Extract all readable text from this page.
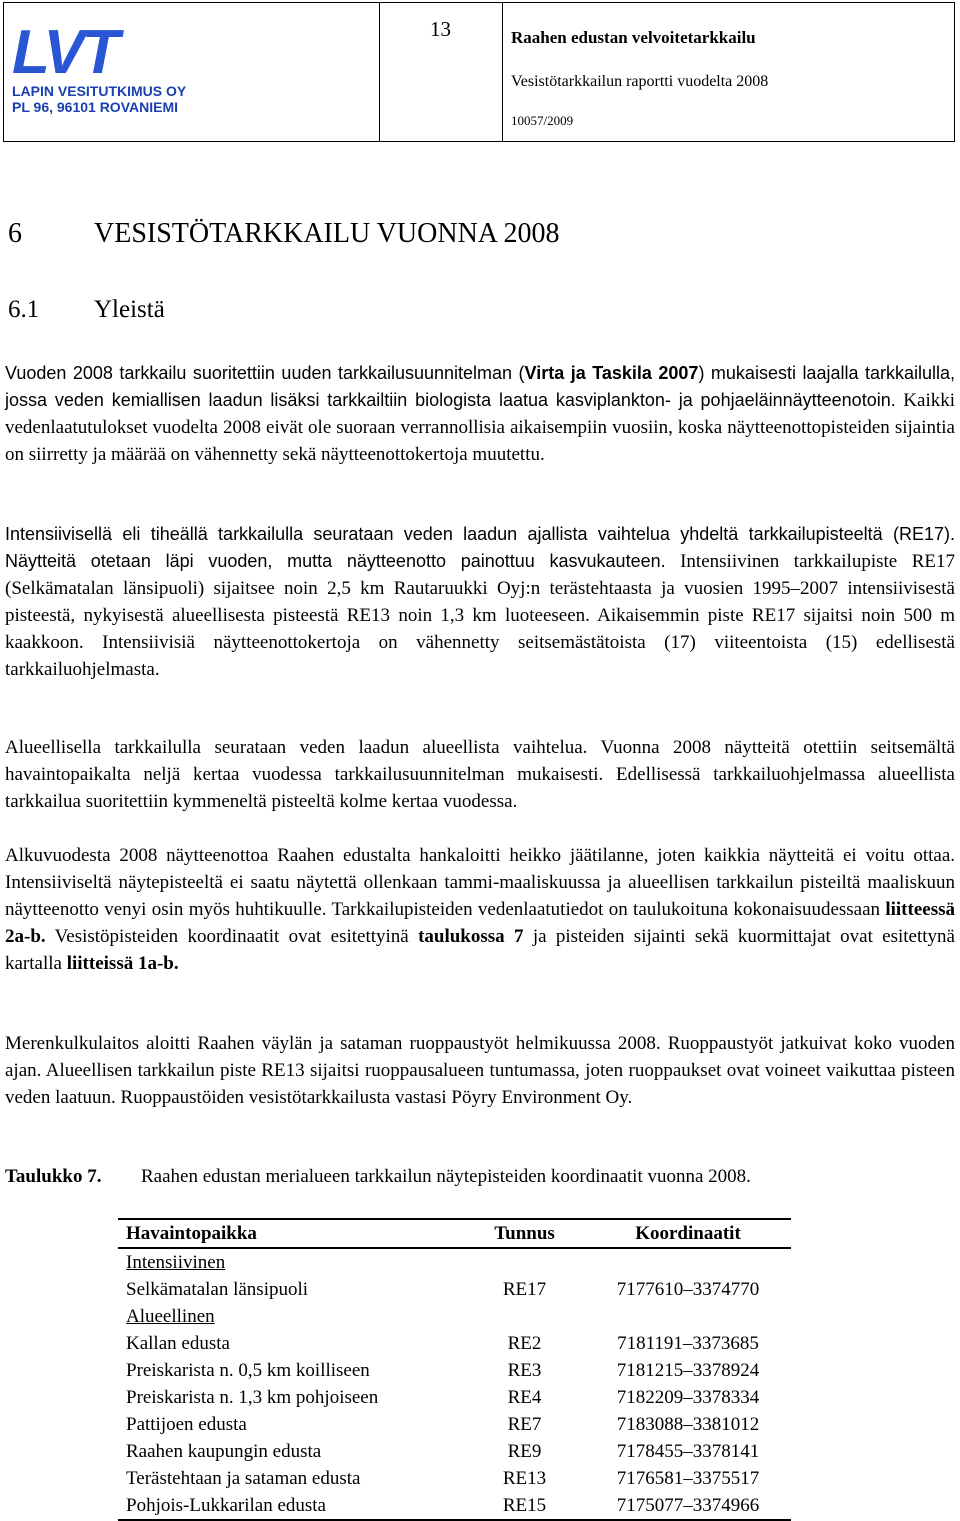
LVT
LAPIN VESITUTKIMUS OY
PL 96, 96101 ROVANIEMI
13	Raahen edustan velvoitetarkkailu
Vesistötarkkailun raportti vuodelta 2008
10057/2009
6	VESISTÖTARKKAILU VUONNA 2008
6.1 Yleistä

Vuoden 2008 tarkkailu suoritettiin uuden tarkkailusuunnitelman (Virta ja Taskila 2007) mukaisesti laajalla tarkkailulla, jossa veden kemiallisen laadun lisäksi tarkkailtiin biologista laatua kasviplankton- ja pohjaeläinnäytteenotoin. Kaikki vedenlaatutulokset vuodelta 2008 eivät ole suoraan verrannollisia aikaisempiin vuosiin, koska näytteenottopisteiden sijaintia on siirretty ja määrää on vähennetty sekä näytteenottokertoja muutettu.

Intensiivisellä eli tiheällä tarkkailulla seurataan veden laadun ajallista vaihtelua yhdeltä tarkkailupisteeltä (RE17). Näytteitä otetaan läpi vuoden, mutta näytteenotto painottuu kasvukauteen. Intensiivinen tarkkailupiste RE17 (Selkämatalan länsipuoli) sijaitsee noin 2,5 km Rautaruukki Oyj:n terästehtaasta ja vuosien 1995–2007 intensiivisestä pisteestä, nykyisestä alueellisesta pisteestä RE13 noin 1,3 km luoteeseen. Aikaisemmin piste RE17 sijaitsi noin 500 m kaakkoon. Intensiivisiä näytteenottokertoja on vähennetty seitsemästätoista (17) viiteentoista (15) edellisestä tarkkailuohjelmasta.

Alueellisella tarkkailulla seurataan veden laadun alueellista vaihtelua. Vuonna 2008 näytteitä otettiin seitsemältä havaintopaikalta neljä kertaa vuodessa tarkkailusuunnitelman mukaisesti. Edellisessä tarkkailuohjelmassa alueellista tarkkailua suoritettiin kymmeneltä pisteeltä kolme kertaa vuodessa.

Alkuvuodesta 2008 näytteenottoa Raahen edustalta hankaloitti heikko jäätilanne, joten kaikkia näytteitä ei voitu ottaa. Intensiiviseltä näytepisteeltä ei saatu näytettä ollenkaan tammi-maaliskuussa ja alueellisen tarkkailun pisteiltä maaliskuun näytteenotto venyi osin myös huhtikuulle. Tarkkailupisteiden vedenlaatutiedot on taulukoituna kokonaisuudessaan liitteessä 2a-b. Vesistöpisteiden koordinaatit ovat esitettyinä taulukossa 7 ja pisteiden sijainti sekä kuormittajat ovat esitettynä kartalla liitteissä 1a-b.

Merenkulkulaitos aloitti Raahen väylän ja sataman ruoppaustyöt helmikuussa 2008. Ruoppaustyöt jatkuivat koko vuoden ajan. Alueellisen tarkkailun piste RE13 sijaitsi ruoppausalueen tuntumassa, joten ruoppaukset ovat voineet vaikuttaa pisteen veden laatuun. Ruoppaustöiden vesistötarkkailusta vastasi Pöyry Environment Oy.

Taulukko 7. Raahen edustan merialueen tarkkailun näytepisteiden koordinaatit vuonna 2008.
Havaintopaikka	Tunnus	Koordinaatit
Intensiivinen		
Selkämatalan länsipuoli	RE17	7177610–3374770
Alueellinen		
Kallan edusta	RE2	7181191–3373685
Preiskarista n. 0,5 km koilliseen	RE3	7181215–3378924
Preiskarista n. 1,3 km pohjoiseen	RE4	7182209–3378334
Pattijoen edusta	RE7	7183088–3381012
Raahen kaupungin edusta	RE9	7178455–3378141
Terästehtaan ja sataman edusta	RE13	7176581–3375517
Pohjois-Lukkarilan edusta	RE15	7175077–3374966
